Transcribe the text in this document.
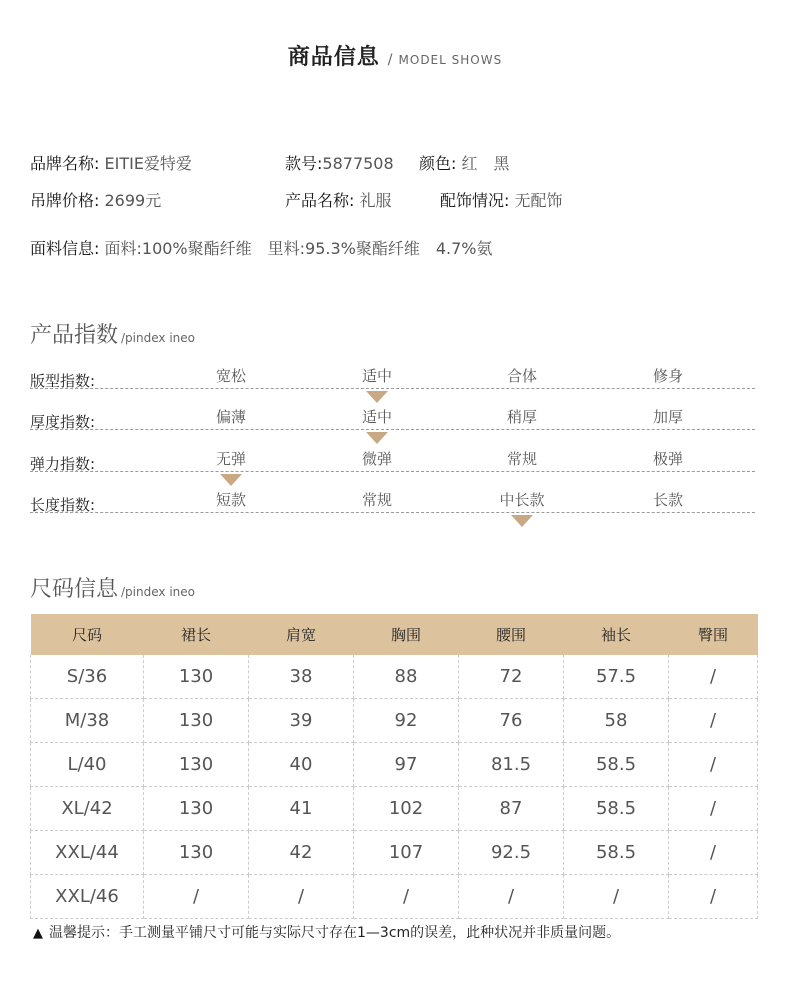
商品信息 / MODEL SHOWS
品牌名称: EITIE爱特爱	款号:5877508 颜色: 红　黑
吊牌价格: 2699元	产品名称: 礼服	配饰情况: 无配饰
面料信息: 面料:100%聚酯纤维　里料:95.3%聚酯纤维　4.7%氨
产品指数 /pindex ineo
版型指数:	宽松	适中	合体	修身
厚度指数:	偏薄	适中	稍厚	加厚
弹力指数:	无弹	微弹	常规	极弹
长度指数:	短款	常规	中长款	长款
尺码信息 /pindex ineo
尺码	裙长	肩宽	胸围	腰围	袖长	臀围
S/36	130	38	88	72	57.5	/
M/38	130	39	92	76	58	/
L/40	130	40	97	81.5	58.5	/
XL/42	130	41	102	87	58.5	/
XXL/44	130	42	107	92.5	58.5	/
XXL/46	/	/	/	/	/	/
▲ 温馨提示：手工测量平铺尺寸可能与实际尺寸存在1—3cm的误差，此种状况并非质量问题。
